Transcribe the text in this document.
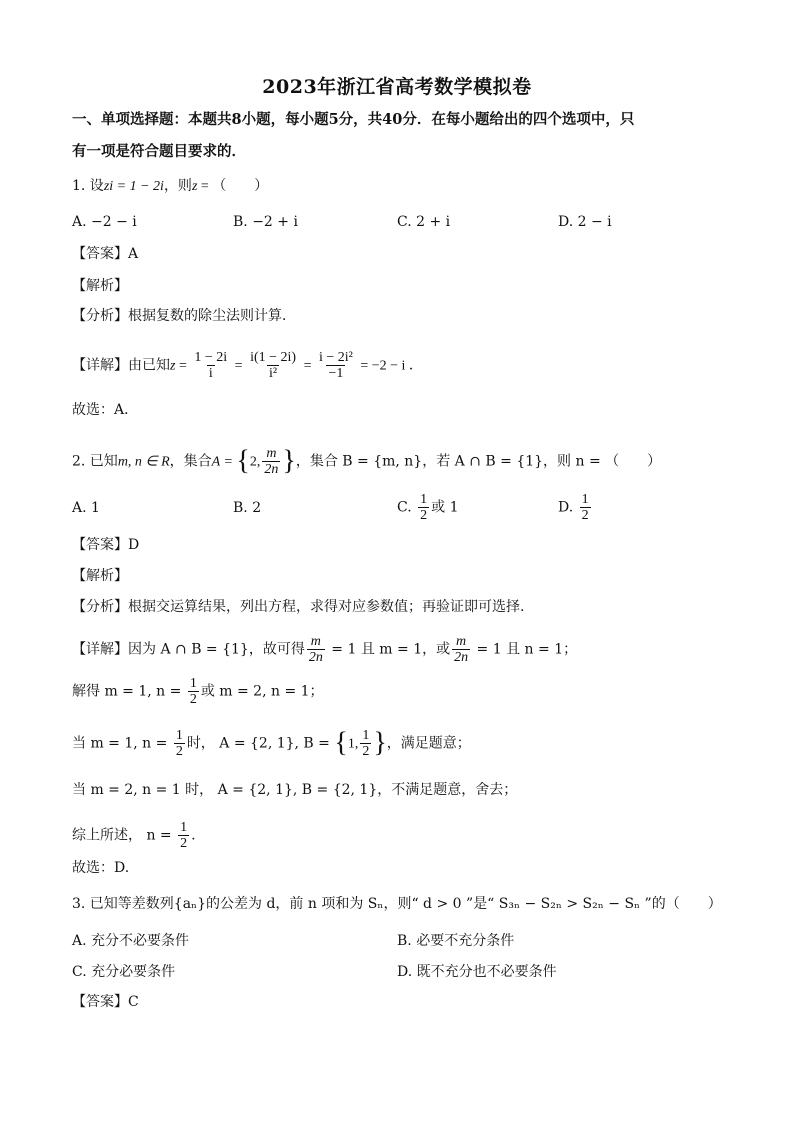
2023年浙江省高考数学模拟卷
一、单项选择题：本题共8小题，每小题5分，共40分．在每小题给出的四个选项中，只
有一项是符合题目要求的．
1. 设zi = 1 − 2i，则z = （　　）
A. −2 − i	B. −2 + i	C. 2 + i	D. 2 − i
【答案】A
【解析】
【分析】根据复数的除尘法则计算．
【详解】由已知$z = \frac{1 - 2i}{i} = \frac{i(1 - 2i)}{\text{i²}} = \frac{\text{i − 2i²}}{-1} = -2 - i$ ．
故选：A．
2. 已知m, n ∈ R，集合A = {2, $\frac{m}{2n}$ }，集合 B = {m, n}，若 A ∩ B = {1}，则 n = （　　）
A. 1	B. 2	C. $\frac{1}{2}$ 或 1	D. $\frac{1}{2}$
【答案】D
【解析】
【分析】根据交运算结果，列出方程，求得对应参数值；再验证即可选择.
【详解】因为 A ∩ B = {1}，故可得 $\frac{m}{2n} = 1$ 且 m = 1，或 $\frac{m}{2n} = 1$ 且 n = 1；
解得 m = 1, $n = \frac{1}{2}$ 或 m = 2, n = 1；
当 m = 1, $n = \frac{1}{2}$ 时， A = {2, 1}, B = {1, $\frac{1}{2}$ }，满足题意；
当 m = 2, n = 1 时， A = {2, 1}, B = {2, 1}，不满足题意，舍去；
综上所述， $n = \frac{1}{2}$ .
故选：D.
3. 已知等差数列{aₙ}的公差为 d，前 n 项和为 Sₙ，则“ d > 0 ”是“ S₃ₙ − S₂ₙ > S₂ₙ − Sₙ ”的（　　）
A. 充分不必要条件	B. 必要不充分条件
C. 充分必要条件	D. 既不充分也不必要条件
【答案】C
